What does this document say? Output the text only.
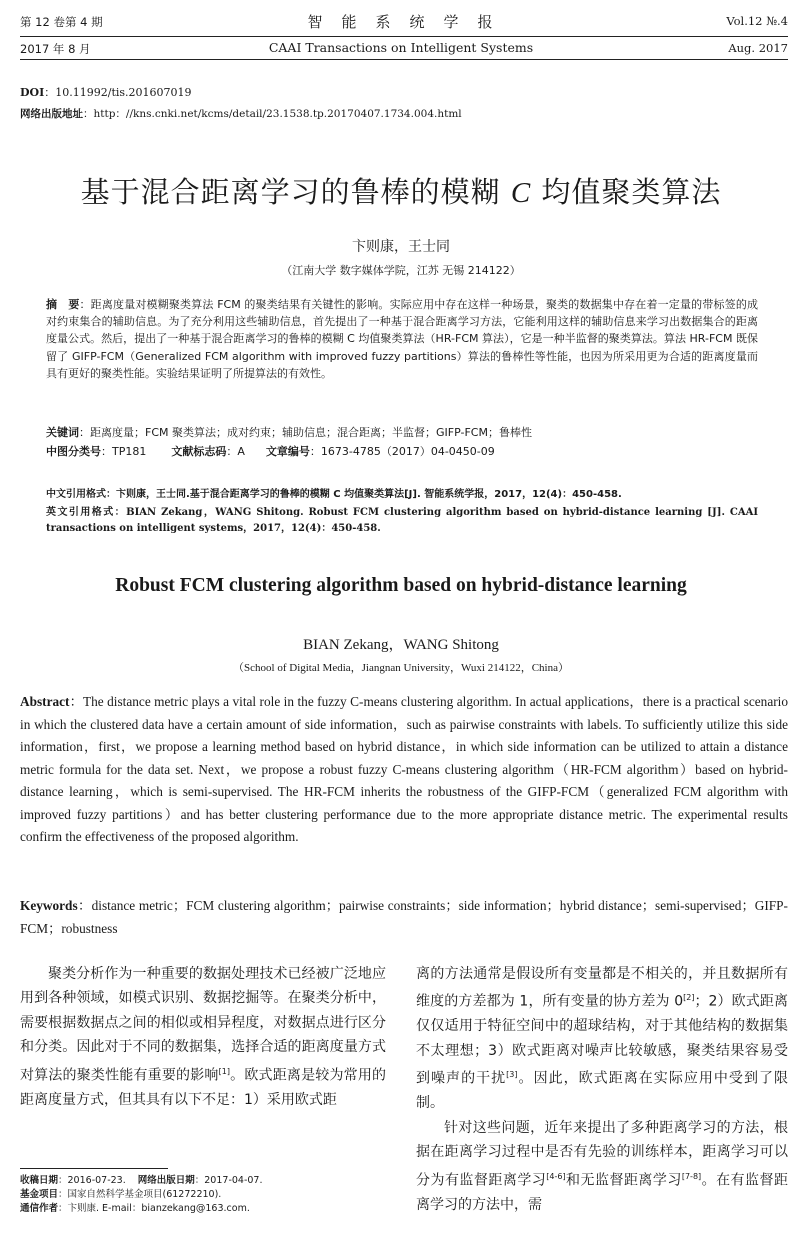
第 12 卷第 4 期
2017 年 8 月
智　能　系　统　学　报
CAAI Transactions on Intelligent Systems
Vol.12 №.4
Aug. 2017
DOI：10.11992/tis.201607019
网络出版地址：http：//kns.cnki.net/kcms/detail/23.1538.tp.20170407.1734.004.html
基于混合距离学习的鲁棒的模糊 C 均值聚类算法
卞则康，王士同
（江南大学 数字媒体学院，江苏 无锡 214122）
摘　要：距离度量对模糊聚类算法 FCM 的聚类结果有关键性的影响。实际应用中存在这样一种场景，聚类的数据集中存在着一定量的带标签的成对约束集合的辅助信息。为了充分利用这些辅助信息，首先提出了一种基于混合距离学习方法，它能利用这样的辅助信息来学习出数据集合的距离度量公式。然后，提出了一种基于混合距离学习的鲁棒的模糊 C 均值聚类算法（HR-FCM 算法），它是一种半监督的聚类算法。算法 HR-FCM 既保留了 GIFP-FCM（Generalized FCM algorithm with improved fuzzy partitions）算法的鲁棒性等性能，也因为所采用更为合适的距离度量而具有更好的聚类性能。实验结果证明了所提算法的有效性。
关键词：距离度量；FCM 聚类算法；成对约束；辅助信息；混合距离；半监督；GIFP-FCM；鲁棒性
中图分类号：TP181 文献标志码：A 文章编号：1673-4785（2017）04-0450-09
中文引用格式：卞则康，王士同.基于混合距离学习的鲁棒的模糊 C 均值聚类算法[J]. 智能系统学报，2017，12(4)：450-458.
英文引用格式：BIAN Zekang，WANG Shitong. Robust FCM clustering algorithm based on hybrid-distance learning [J]. CAAI transactions on intelligent systems，2017，12(4)：450-458.
Robust FCM clustering algorithm based on hybrid-distance learning
BIAN Zekang，WANG Shitong
（School of Digital Media，Jiangnan University，Wuxi 214122，China）
Abstract：The distance metric plays a vital role in the fuzzy C-means clustering algorithm. In actual applications，there is a practical scenario in which the clustered data have a certain amount of side information，such as pairwise constraints with labels. To sufficiently utilize this side information，first，we propose a learning method based on hybrid distance，in which side information can be utilized to attain a distance metric formula for the data set. Next，we propose a robust fuzzy C-means clustering algorithm（HR-FCM algorithm）based on hybrid-distance learning，which is semi-supervised. The HR-FCM inherits the robustness of the GIFP-FCM（generalized FCM algorithm with improved fuzzy partitions）and has better clustering performance due to the more appropriate distance metric. The experimental results confirm the effectiveness of the proposed algorithm.
Keywords：distance metric；FCM clustering algorithm；pairwise constraints；side information；hybrid distance；semi-supervised；GIFP-FCM；robustness
聚类分析作为一种重要的数据处理技术已经被广泛地应用到各种领域，如模式识别、数据挖掘等。在聚类分析中，需要根据数据点之间的相似或相异程度，对数据点进行区分和分类。因此对于不同的数据集，选择合适的距离度量方式对算法的聚类性能有重要的影响[1]。欧式距离是较为常用的距离度量方式，但其具有以下不足：1）采用欧式距
离的方法通常是假设所有变量都是不相关的，并且数据所有维度的方差都为 1，所有变量的协方差为 0[2]；2）欧式距离仅仅适用于特征空间中的超球结构，对于其他结构的数据集不太理想；3）欧式距离对噪声比较敏感，聚类结果容易受到噪声的干扰[3]。因此，欧式距离在实际应用中受到了限制。
针对这些问题，近年来提出了多种距离学习的方法，根据在距离学习过程中是否有先验的训练样本，距离学习可以分为有监督距离学习[4-6]和无监督距离学习[7-8]。在有监督距离学习的方法中，需
收稿日期：2016-07-23. 网络出版日期：2017-04-07.
基金项目：国家自然科学基金项目(61272210).
通信作者：卞则康. E-mail：bianzekang@163.com.
